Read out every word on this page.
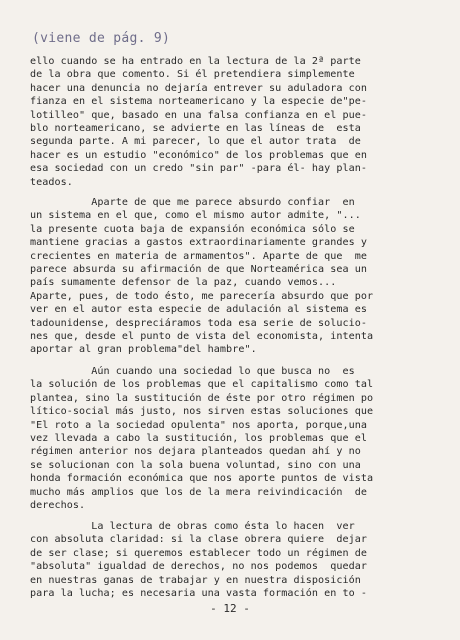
(viene de pág. 9)
ello cuando se ha entrado en la lectura de la 2ª parte
de la obra que comento. Si él pretendiera simplemente
hacer una denuncia no dejaría entrever su aduladora con
fianza en el sistema norteamericano y la especie de"pe-
lotilleo" que, basado en una falsa confianza en el pue-
blo norteamericano, se advierte en las líneas de  esta
segunda parte. A mi parecer, lo que el autor trata  de
hacer es un estudio "económico" de los problemas que en
esa sociedad con un credo "sin par" -para él- hay plan-
teados.
Aparte de que me parece absurdo confiar  en
un sistema en el que, como el mismo autor admite, "...
la presente cuota baja de expansión económica sólo se
mantiene gracias a gastos extraordinariamente grandes y
crecientes en materia de armamentos". Aparte de que  me
parece absurda su afirmación de que Norteamérica sea un
país sumamente defensor de la paz, cuando vemos...
Aparte, pues, de todo ésto, me parecería absurdo que por
ver en el autor esta especie de adulación al sistema es
tadounidense, despreciáramos toda esa serie de solucio-
nes que, desde el punto de vista del economista, intenta
aportar al gran problema"del hambre".
Aún cuando una sociedad lo que busca no  es
la solución de los problemas que el capitalismo como tal
plantea, sino la sustitución de éste por otro régimen po
lítico-social más justo, nos sirven estas soluciones que
"El roto a la sociedad opulenta" nos aporta, porque,una
vez llevada a cabo la sustitución, los problemas que el
régimen anterior nos dejara planteados quedan ahí y no
se solucionan con la sola buena voluntad, sino con una
honda formación económica que nos aporte puntos de vista
mucho más amplios que los de la mera reivindicación  de
derechos.
La lectura de obras como ésta lo hacen  ver
con absoluta claridad: si la clase obrera quiere  dejar
de ser clase; si queremos establecer todo un régimen de
"absoluta" igualdad de derechos, no nos podemos  quedar
en nuestras ganas de trabajar y en nuestra disposición
para la lucha; es necesaria una vasta formación en to -
- 12 -
